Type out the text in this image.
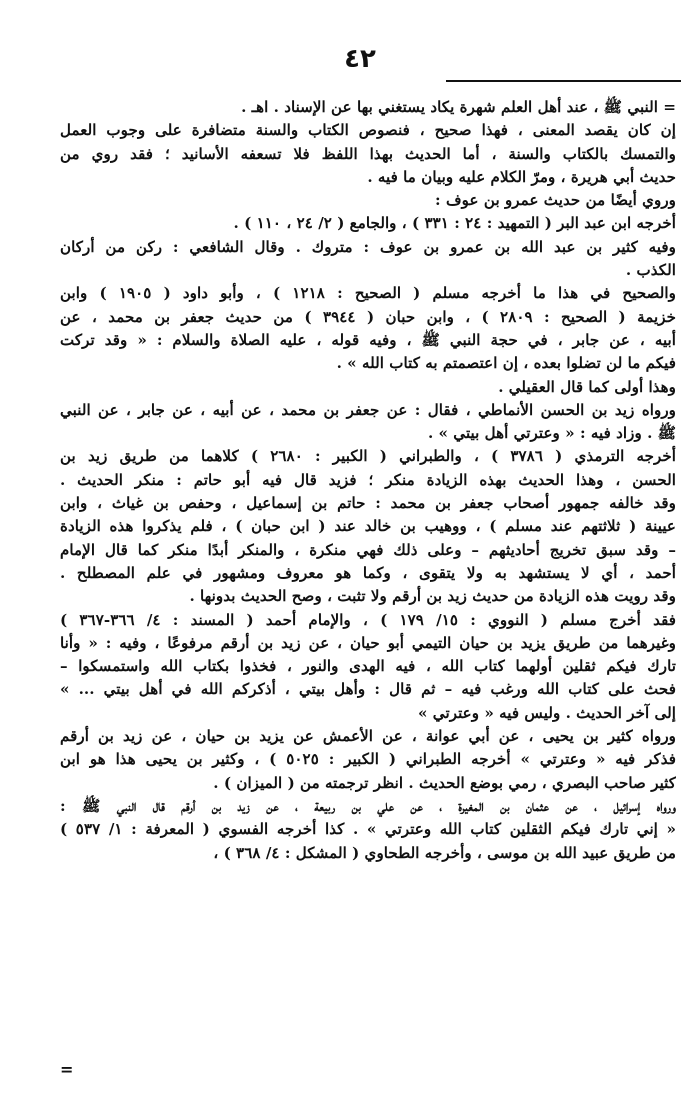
٤٢
= النبي ﷺ ، عند أهل العلم شهرة يكاد يستغني بها عن الإسناد . اهـ .
إن كان يقصد المعنى ، فهذا صحيح ، فنصوص الكتاب والسنة متضافرة على وجوب العمل
والتمسك بالكتاب والسنة ، أما الحديث بهذا اللفظ فلا تسعفه الأسانيد ؛ فقد روي من
حديث أبي هريرة ، ومرّ الكلام عليه وبيان ما فيه .
وروي أيضًا من حديث عمرو بن عوف :
أخرجه ابن عبد البر ( التمهيد : ٢٤ : ٣٣١ ) ، والجامع ( ٢/ ٢٤ ، ١١٠ ) .
وفيه كثير بن عبد الله بن عمرو بن عوف : متروك . وقال الشافعي : ركن من أركان
الكذب .
والصحيح في هذا ما أخرجه مسلم ( الصحيح : ١٢١٨ ) ، وأبو داود ( ١٩٠٥ ) وابن
خزيمة ( الصحيح : ٢٨٠٩ ) ، وابن حبان ( ٣٩٤٤ ) من حديث جعفر بن محمد ، عن
أبيه ، عن جابر ، في حجة النبي ﷺ ، وفيه قوله ، عليه الصلاة والسلام : « وقد تركت
فيكم ما لن تضلوا بعده ، إن اعتصمتم به كتاب الله » .
وهذا أولى كما قال العقيلي .
ورواه زيد بن الحسن الأنماطي ، فقال : عن جعفر بن محمد ، عن أبيه ، عن جابر ، عن النبي
ﷺ . وزاد فيه : « وعترتي أهل بيتي » .
أخرجه الترمذي ( ٣٧٨٦ ) ، والطبراني ( الكبير : ٢٦٨٠ ) كلاهما من طريق زيد بن
الحسن ، وهذا الحديث بهذه الزيادة منكر ؛ فزيد قال فيه أبو حاتم : منكر الحديث .
وقد خالفه جمهور أصحاب جعفر بن محمد : حاتم بن إسماعيل ، وحفص بن غياث ، وابن
عيينة ( ثلاثتهم عند مسلم ) ، ووهيب بن خالد عند ( ابن حبان ) ، فلم يذكروا هذه الزيادة
– وقد سبق تخريج أحاديثهم – وعلى ذلك فهي منكرة ، والمنكر أبدًا منكر كما قال الإمام
أحمد ، أي لا يستشهد به ولا يتقوى ، وكما هو معروف ومشهور في علم المصطلح .
وقد رويت هذه الزيادة من حديث زيد بن أرقم ولا تثبت ، وصح الحديث بدونها .
فقد أخرج مسلم ( النووي : ١٥/ ١٧٩ ) ، والإمام أحمد ( المسند : ٤/ ٣٦٦-٣٦٧ )
وغيرهما من طريق يزيد بن حيان التيمي أبو حيان ، عن زيد بن أرقم مرفوعًا ، وفيه : « وأنا
تارك فيكم ثقلين أولهما كتاب الله ، فيه الهدى والنور ، فخذوا بكتاب الله واستمسكوا –
فحث على كتاب الله ورغب فيه – ثم قال : وأهل بيتي ، أذكركم الله في أهل بيتي ... »
إلى آخر الحديث . وليس فيه « وعترتي »
ورواه كثير بن يحيى ، عن أبي عوانة ، عن الأعمش عن يزيد بن حيان ، عن زيد بن أرقم
فذكر فيه « وعترتي » أخرجه الطبراني ( الكبير : ٥٠٢٥ ) ، وكثير بن يحيى هذا هو ابن
كثير صاحب البصري ، رمي بوضع الحديث . انظر ترجمته من ( الميزان ) .
ورواه إسرائيل ، عن عثمان بن المغيرة ، عن علي بن ربيعة ، عن زيد بن أرقم قال النبي ﷺ :
« إني تارك فيكم الثقلين كتاب الله وعترتي » . كذا أخرجه الفسوي ( المعرفة : ١/ ٥٣٧ )
من طريق عبيد الله بن موسى ، وأخرجه الطحاوي ( المشكل : ٤/ ٣٦٨ ) ،
=
